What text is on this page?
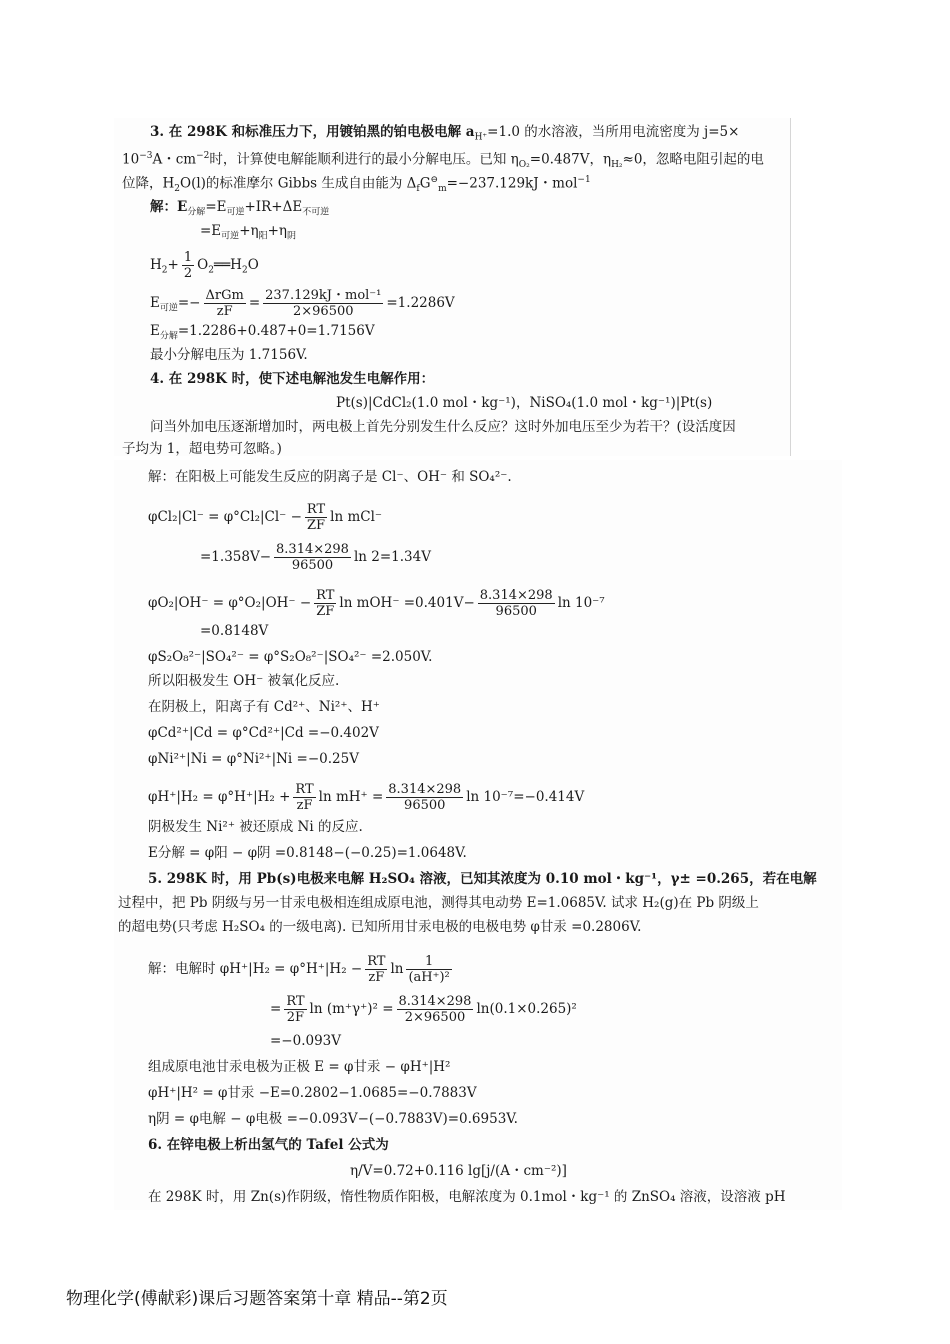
3. 在 298K 和标准压力下，用镀铂黑的铂电极电解 $a_{H^+}=1.0$ 的水溶液，当所用电流密度为 j=5×
$10^{-3}A$・$cm^{-2}$时，计算使电解能顺利进行的最小分解电压。已知 $\eta_{O_2}=0.487V$，$\eta_{H_2}\approx 0$，忽略电阻引起的电
位降，$H_2O(l)$的标准摩尔 Gibbs 生成自由能为 $\Delta_fG^⊖_m=-237.129kJ$・mol$^{-1}$
解：$E_{分解}=E_{可逆}+IR+\Delta E_{不可逆}$
$=E_{可逆}+\eta_阳+\eta_阴$
$H_2+ \frac{1}{2}$ $O_2══H_2O$
$E_{可逆}=- \frac{\text{ΔrGm}}{zF} = \frac{\text{237.129kJ・mol⁻¹}}{2\times 96500} =1.2286V$
$E_{分解}=1.2286+0.487+0=1.7156V$
最小分解电压为 1.7156V.
4. 在 298K 时，使下述电解池发生电解作用：
Pt(s)|CdCl₂(1.0 mol・kg⁻¹)，NiSO₄(1.0 mol・kg⁻¹)|Pt(s)
问当外加电压逐渐增加时，两电极上首先分别发生什么反应？这时外加电压至少为若干？(设活度因
子均为 1，超电势可忽略。)
解：在阳极上可能发生反应的阴离子是 Cl⁻、OH⁻ 和 SO₄²⁻.
$\varphi Cl_2|Cl^- = \varphi^\circ Cl_2|Cl^- - \frac{RT}{ZF}$ ln mCl⁻
$=1.358V- \frac{8.314\times 298}{96500}$ ln 2=1.34V
$\varphi O_2|OH^- = \varphi^\circ O_2|OH^- - \frac{RT}{ZF}$ $\ln mOH^- =0.401V- \frac{8.314\times 298}{96500}$ ln 10⁻⁷
=0.8148V
φS₂O₈²⁻|SO₄²⁻ = φ°S₂O₈²⁻|SO₄²⁻ =2.050V.
所以阳极发生 OH⁻ 被氧化反应.
在阴极上，阳离子有 Cd²⁺、Ni²⁺、H⁺
φCd²⁺|Cd = φ°Cd²⁺|Cd =−0.402V
φNi²⁺|Ni = φ°Ni²⁺|Ni =−0.25V
$\varphi H^+|H_2 = \varphi^\circ H^+|H_2 + \frac{RT}{zF}$ $\ln mH^+ = \frac{8.314\times 298}{96500}$ ln 10⁻⁷=−0.414V
阴极发生 Ni²⁺ 被还原成 Ni 的反应.
E分解 = φ阳 − φ阴 =0.8148−(−0.25)=1.0648V.
5. 298K 时，用 Pb(s)电极来电解 H₂SO₄ 溶液，已知其浓度为 0.10 mol・kg⁻¹，γ± =0.265，若在电解
过程中，把 Pb 阴级与另一甘汞电极相连组成原电池，测得其电动势 E=1.0685V. 试求 H₂(g)在 Pb 阴级上
的超电势(只考虑 H₂SO₄ 的一级电离). 已知所用甘汞电极的电极电势 φ甘汞 =0.2806V.
解：电解时 $\varphi H^+|H_2 = \varphi^\circ H^+|H_2 - \frac{RT}{zF}$ $\ln \frac{1}{\text{(aH⁺)²}}$
= $\frac{RT}{2F}$ $\ln (m^+\gamma^+)^2 = \frac{8.314\times 298}{2\times 96500} \ln(0.1\times 0.265)^2$
=−0.093V
组成原电池甘汞电极为正极 E = φ甘汞 − φH⁺|H²
φH⁺|H² = φ甘汞 −E=0.2802−1.0685=−0.7883V
η阴 = φ电解 − φ电极 =−0.093V−(−0.7883V)=0.6953V.
6. 在锌电极上析出氢气的 Tafel 公式为
η/V=0.72+0.116 lg[j/(A・cm⁻²)]
在 298K 时，用 Zn(s)作阴级，惰性物质作阳极，电解浓度为 0.1mol・kg⁻¹ 的 ZnSO₄ 溶液，设溶液 pH
物理化学(傅献彩)课后习题答案第十章 精品--第2页
